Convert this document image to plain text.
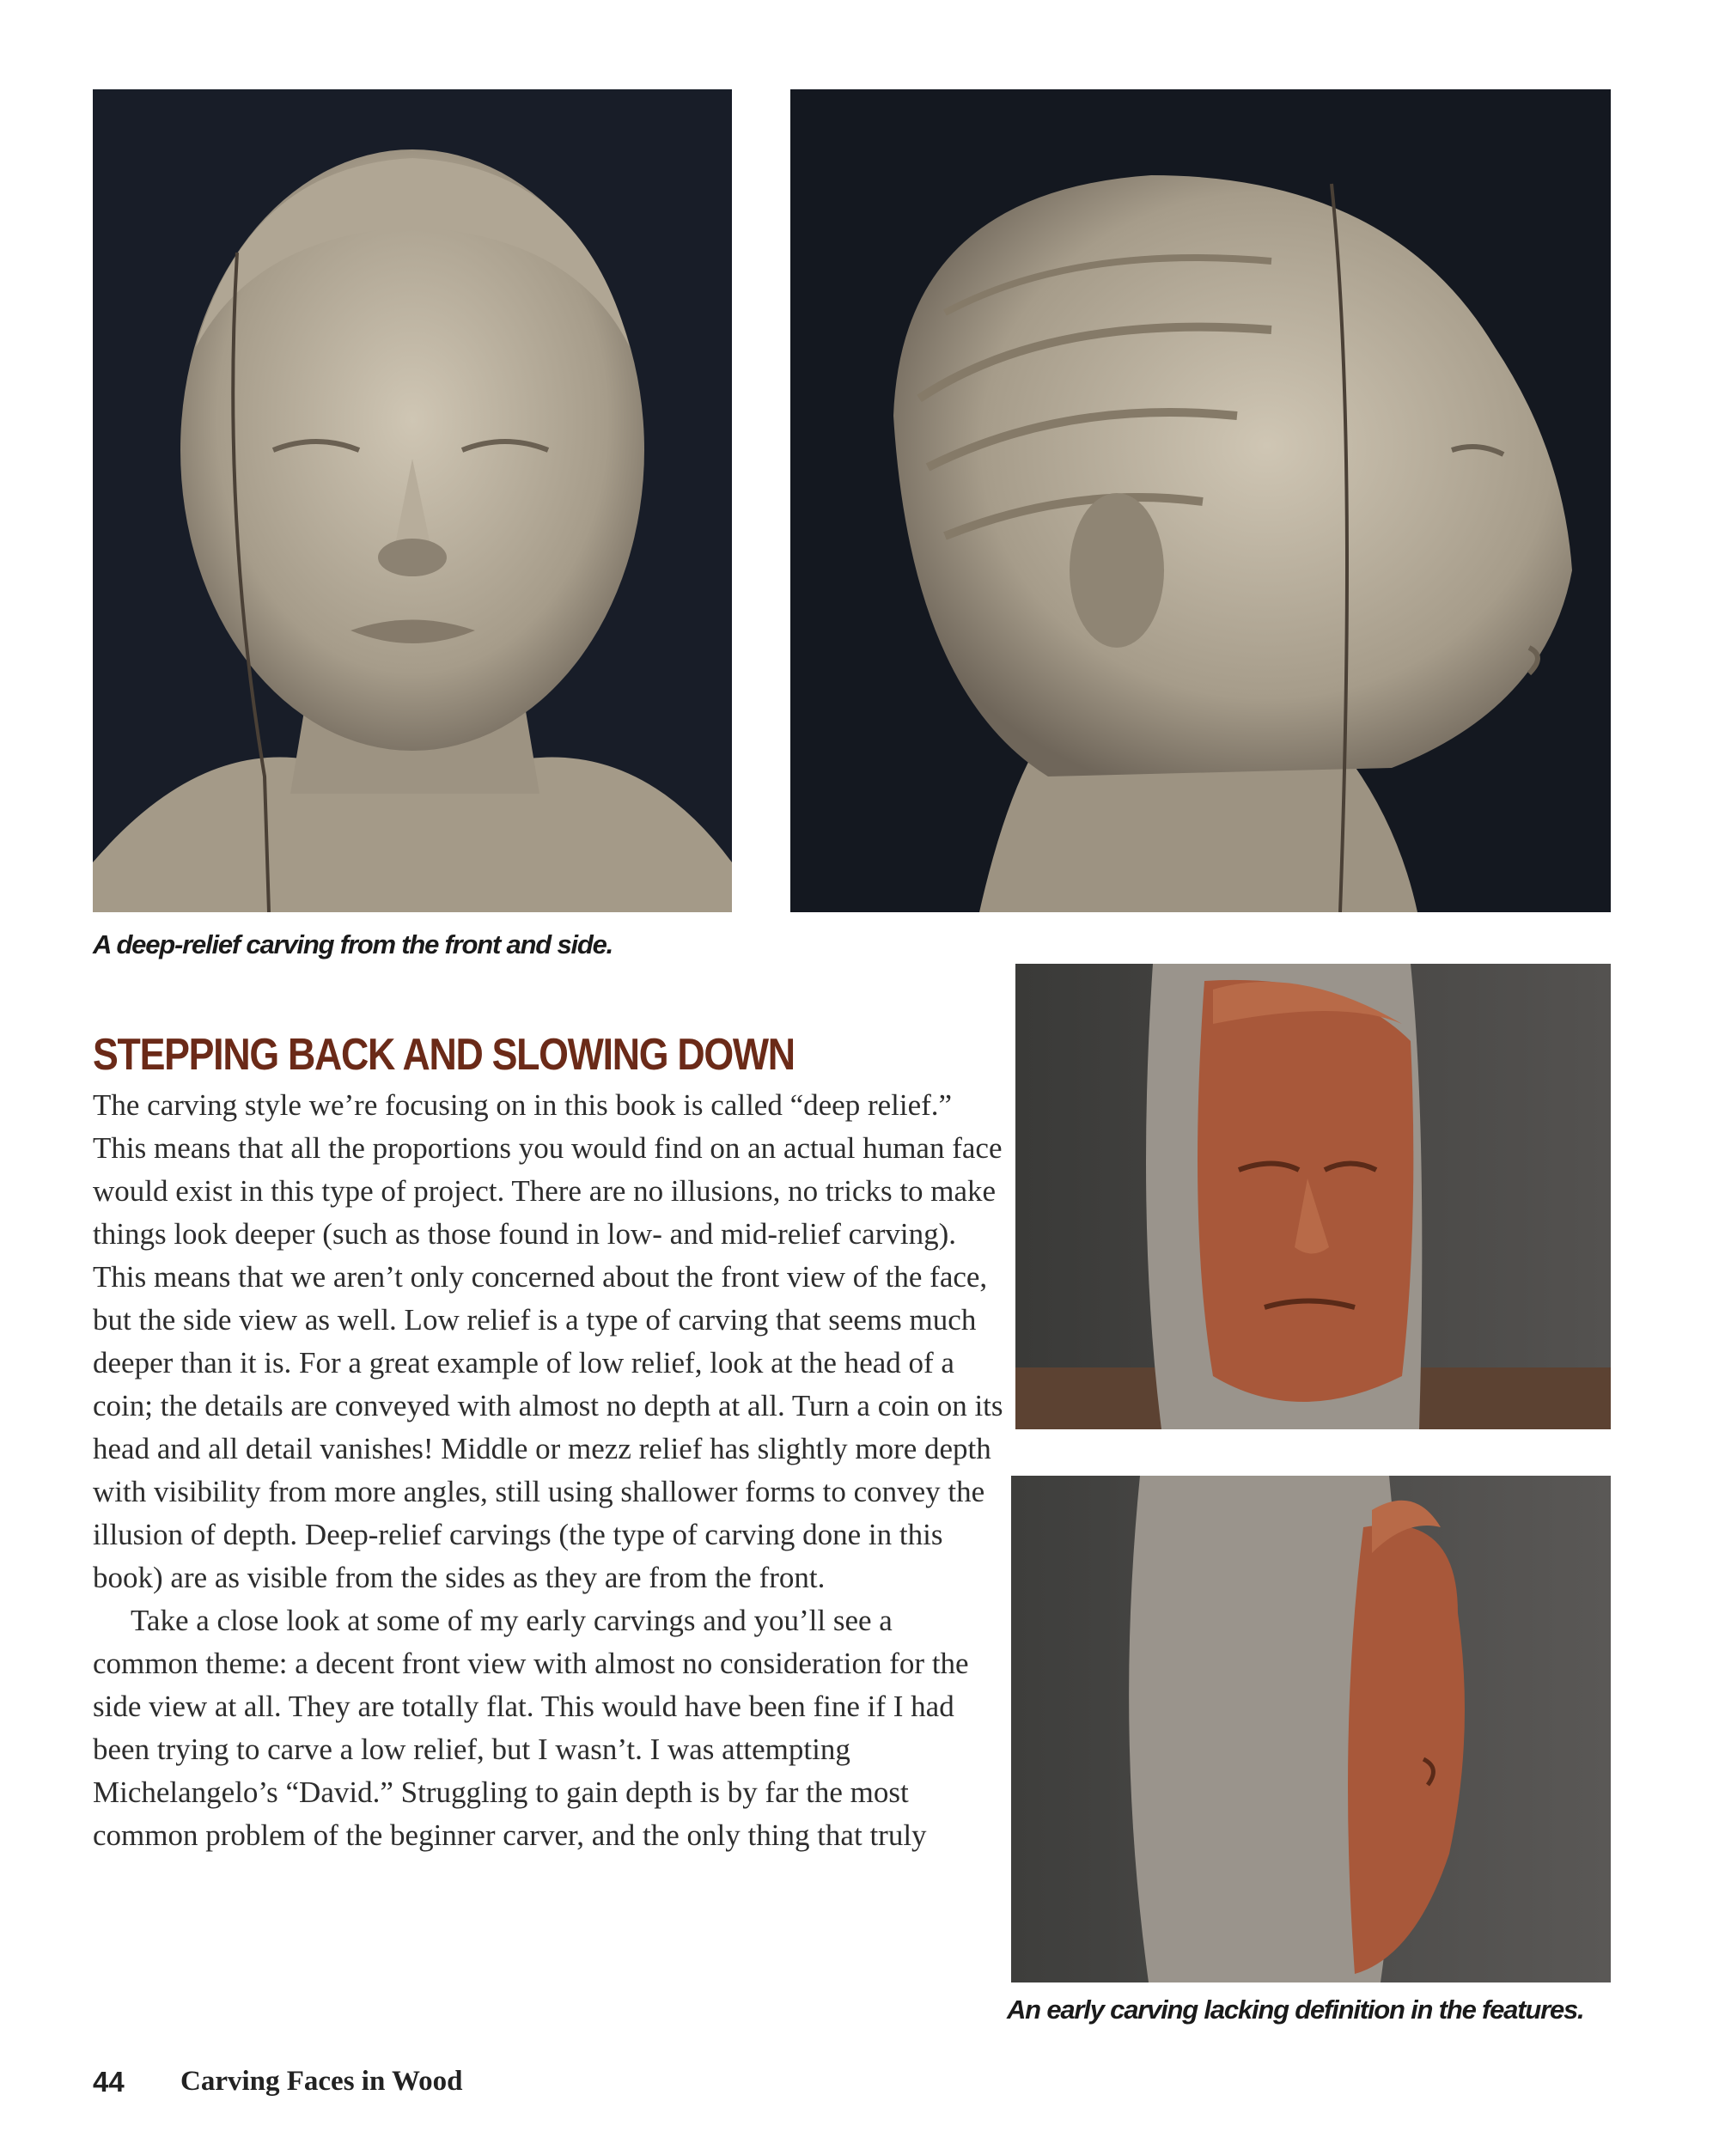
A deep-relief carving from the front and side.
An early carving lacking definition in the features.
STEPPING BACK AND SLOWING DOWN

The carving style we’re focusing on in this book is called “deep relief.” This means that all the proportions you would find on an actual human face would exist in this type of project. There are no illusions, no tricks to make things look deeper (such as those found in low- and mid-relief carving). This means that we aren’t only concerned about the front view of the face, but the side view as well. Low relief is a type of carving that seems much deeper than it is. For a great example of low relief, look at the head of a coin; the details are conveyed with almost no depth at all. Turn a coin on its head and all detail vanishes! Middle or mezz relief has slightly more depth with visibility from more angles, still using shallower forms to convey the illusion of depth. Deep-relief carvings (the type of carving done in this book) are as visible from the sides as they are from the front.

Take a close look at some of my early carvings and you’ll see a common theme: a decent front view with almost no consideration for the side view at all. They are totally flat. This would have been fine if I had been trying to carve a low relief, but I wasn’t. I was attempting Michelangelo’s “David.” Struggling to gain depth is by far the most common problem of the beginner carver, and the only thing that truly

44 Carving Faces in Wood
